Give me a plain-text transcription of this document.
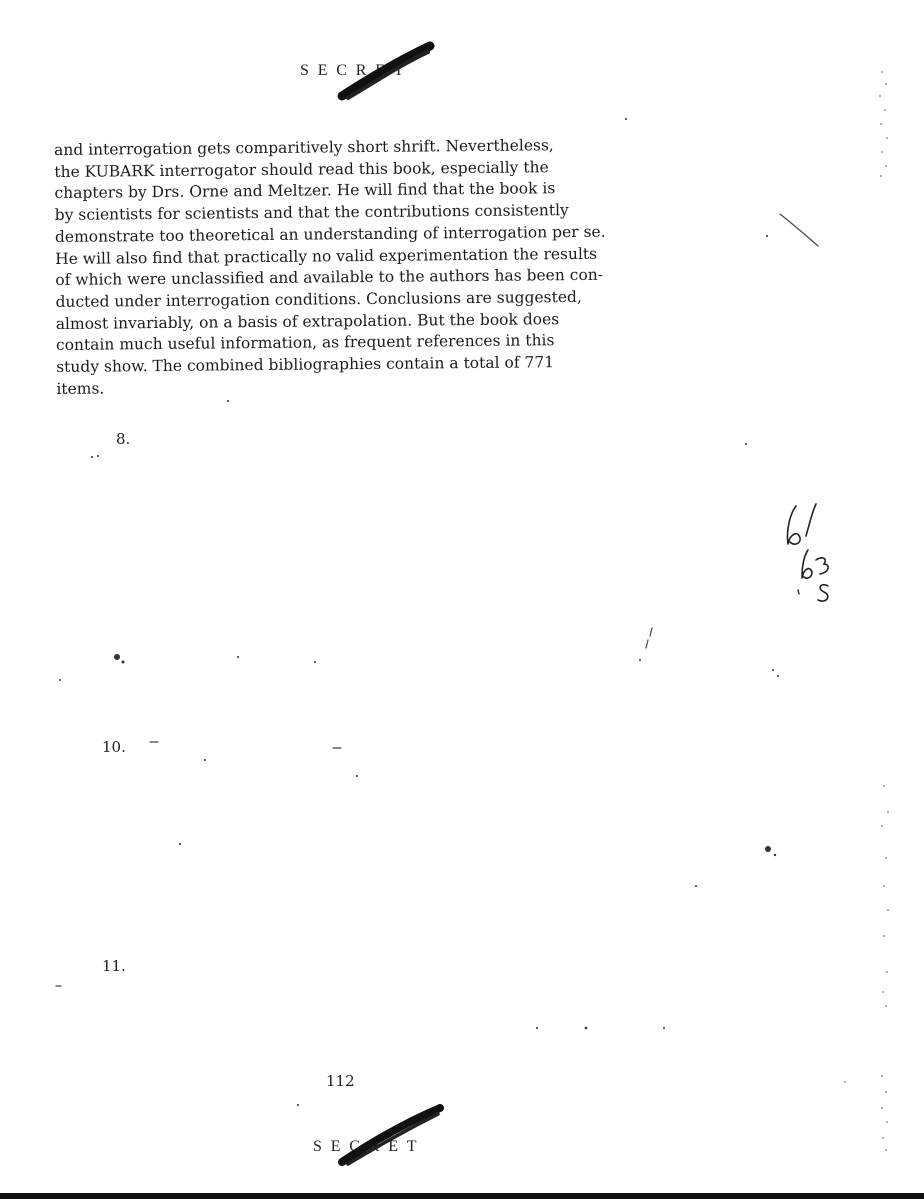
SECRET
and interrogation gets comparitively short shrift. Nevertheless,
the KUBARK interrogator should read this book, especially the
chapters by Drs. Orne and Meltzer. He will find that the book is
by scientists for scientists and that the contributions consistently
demonstrate too theoretical an understanding of interrogation per se.
He will also find that practically no valid experimentation the results
of which were unclassified and available to the authors has been con-
ducted under interrogation conditions. Conclusions are suggested,
almost invariably, on a basis of extrapolation. But the book does
contain much useful information, as frequent references in this
study show. The combined bibliographies contain a total of 771
items.
8.
10.
11.
112
SECRET
